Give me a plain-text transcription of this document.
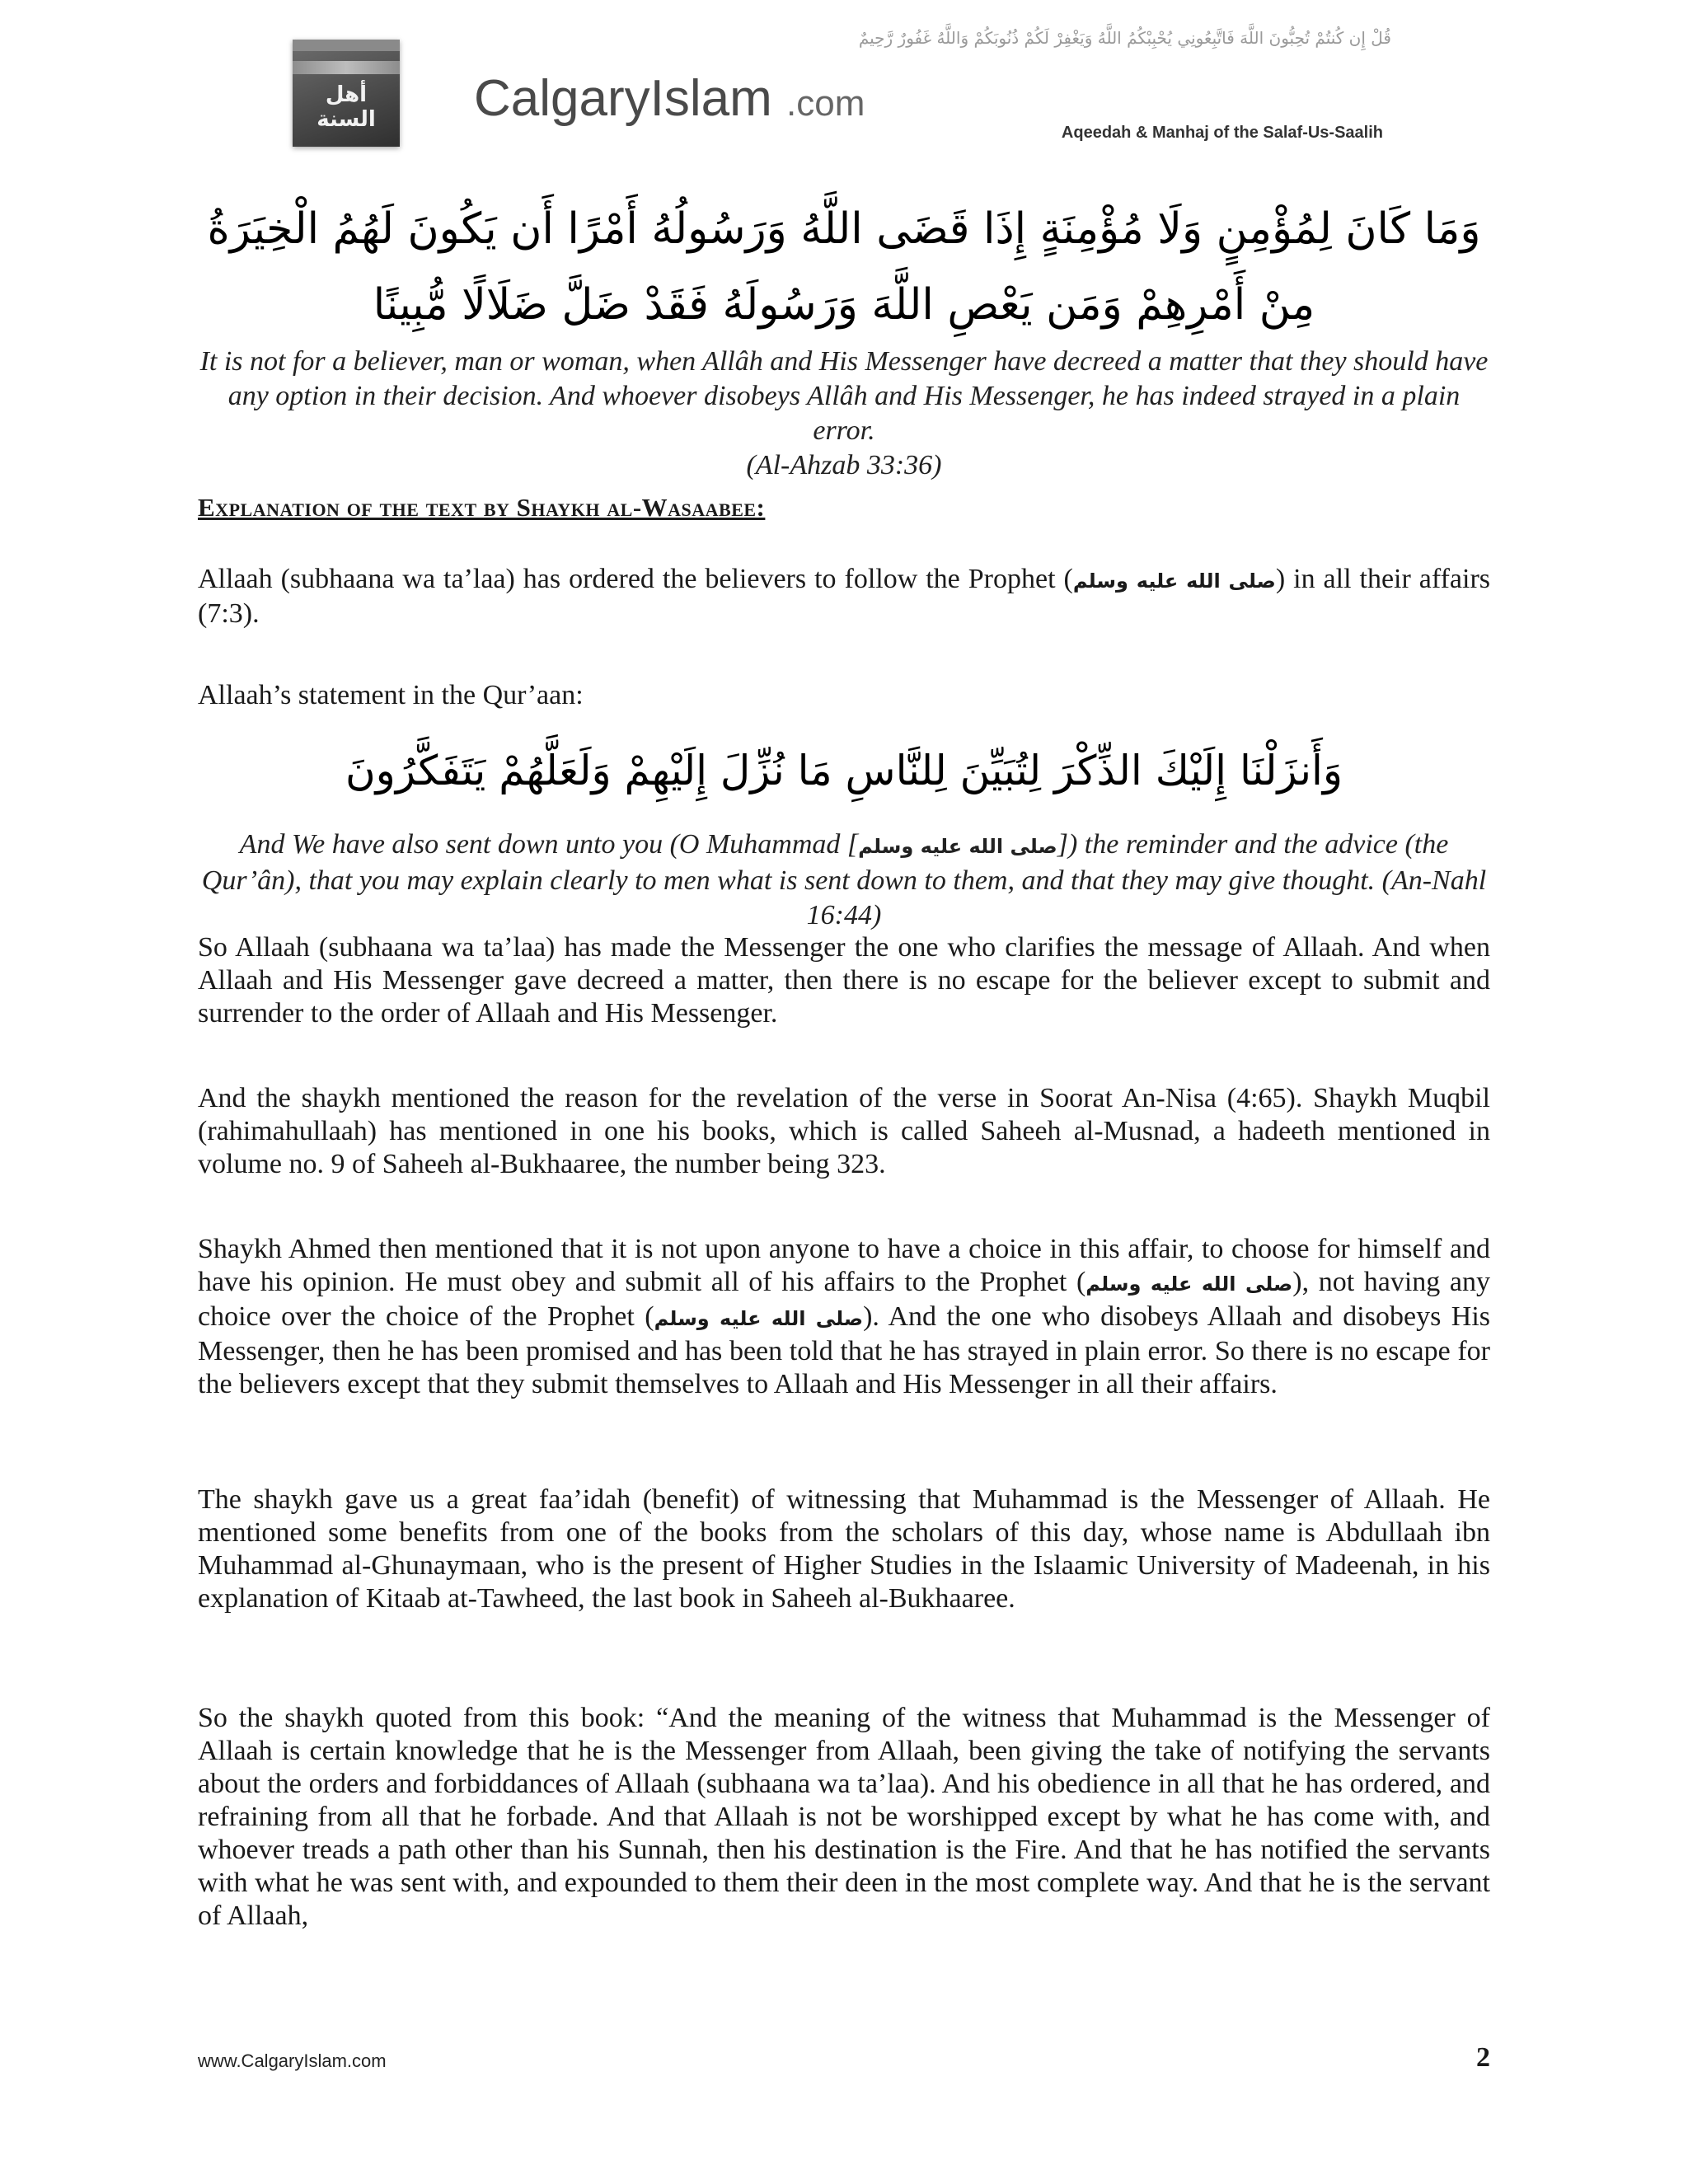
أهل السنة	CalgaryIslam .com
قُلْ إِن كُنتُمْ تُحِبُّونَ اللَّهَ فَاتَّبِعُونِي يُحْبِبْكُمُ اللَّهُ وَيَغْفِرْ لَكُمْ ذُنُوبَكُمْ وَاللَّهُ غَفُورٌ رَّحِيمٌ
Aqeedah & Manhaj of the Salaf-Us-Saalih
وَمَا كَانَ لِمُؤْمِنٍ وَلَا مُؤْمِنَةٍ إِذَا قَضَى اللَّهُ وَرَسُولُهُ أَمْرًا أَن يَكُونَ لَهُمُ الْخِيَرَةُ مِنْ أَمْرِهِمْ وَمَن يَعْصِ اللَّهَ وَرَسُولَهُ فَقَدْ ضَلَّ ضَلَالًا مُّبِينًا
It is not for a believer, man or woman, when Allâh and His Messenger have decreed a matter that they should have any option in their decision. And whoever disobeys Allâh and His Messenger, he has indeed strayed in a plain error.
(Al-Ahzab 33:36)
Explanation of the text by Shaykh al-Wasaabee:
Allaah (subhaana wa ta’laa) has ordered the believers to follow the Prophet (صلى الله عليه وسلم) in all their affairs (7:3).
Allaah’s statement in the Qur’aan:
وَأَنزَلْنَا إِلَيْكَ الذِّكْرَ لِتُبَيِّنَ لِلنَّاسِ مَا نُزِّلَ إِلَيْهِمْ وَلَعَلَّهُمْ يَتَفَكَّرُونَ
And We have also sent down unto you (O Muhammad [صلى الله عليه وسلم]) the reminder and the advice (the Qur’ân), that you may explain clearly to men what is sent down to them, and that they may give thought. (An-Nahl 16:44)
So Allaah (subhaana wa ta’laa) has made the Messenger the one who clarifies the message of Allaah. And when Allaah and His Messenger gave decreed a matter, then there is no escape for the believer except to submit and surrender to the order of Allaah and His Messenger.
And the shaykh mentioned the reason for the revelation of the verse in Soorat An-Nisa (4:65). Shaykh Muqbil (rahimahullaah) has mentioned in one his books, which is called Saheeh al-Musnad, a hadeeth mentioned in volume no. 9 of Saheeh al-Bukhaaree, the number being 323.
Shaykh Ahmed then mentioned that it is not upon anyone to have a choice in this affair, to choose for himself and have his opinion. He must obey and submit all of his affairs to the Prophet (صلى الله عليه وسلم), not having any choice over the choice of the Prophet (صلى الله عليه وسلم). And the one who disobeys Allaah and disobeys His Messenger, then he has been promised and has been told that he has strayed in plain error. So there is no escape for the believers except that they submit themselves to Allaah and His Messenger in all their affairs.
The shaykh gave us a great faa’idah (benefit) of witnessing that Muhammad is the Messenger of Allaah. He mentioned some benefits from one of the books from the scholars of this day, whose name is Abdullaah ibn Muhammad al-Ghunaymaan, who is the present of Higher Studies in the Islaamic University of Madeenah, in his explanation of Kitaab at-Tawheed, the last book in Saheeh al-Bukhaaree.
So the shaykh quoted from this book: “And the meaning of the witness that Muhammad is the Messenger of Allaah is certain knowledge that he is the Messenger from Allaah, been giving the take of notifying the servants about the orders and forbiddances of Allaah (subhaana wa ta’laa). And his obedience in all that he has ordered, and refraining from all that he forbade. And that Allaah is not be worshipped except by what he has come with, and whoever treads a path other than his Sunnah, then his destination is the Fire. And that he has notified the servants with what he was sent with, and expounded to them their deen in the most complete way. And that he is the servant of Allaah,
www.CalgaryIslam.com	2
